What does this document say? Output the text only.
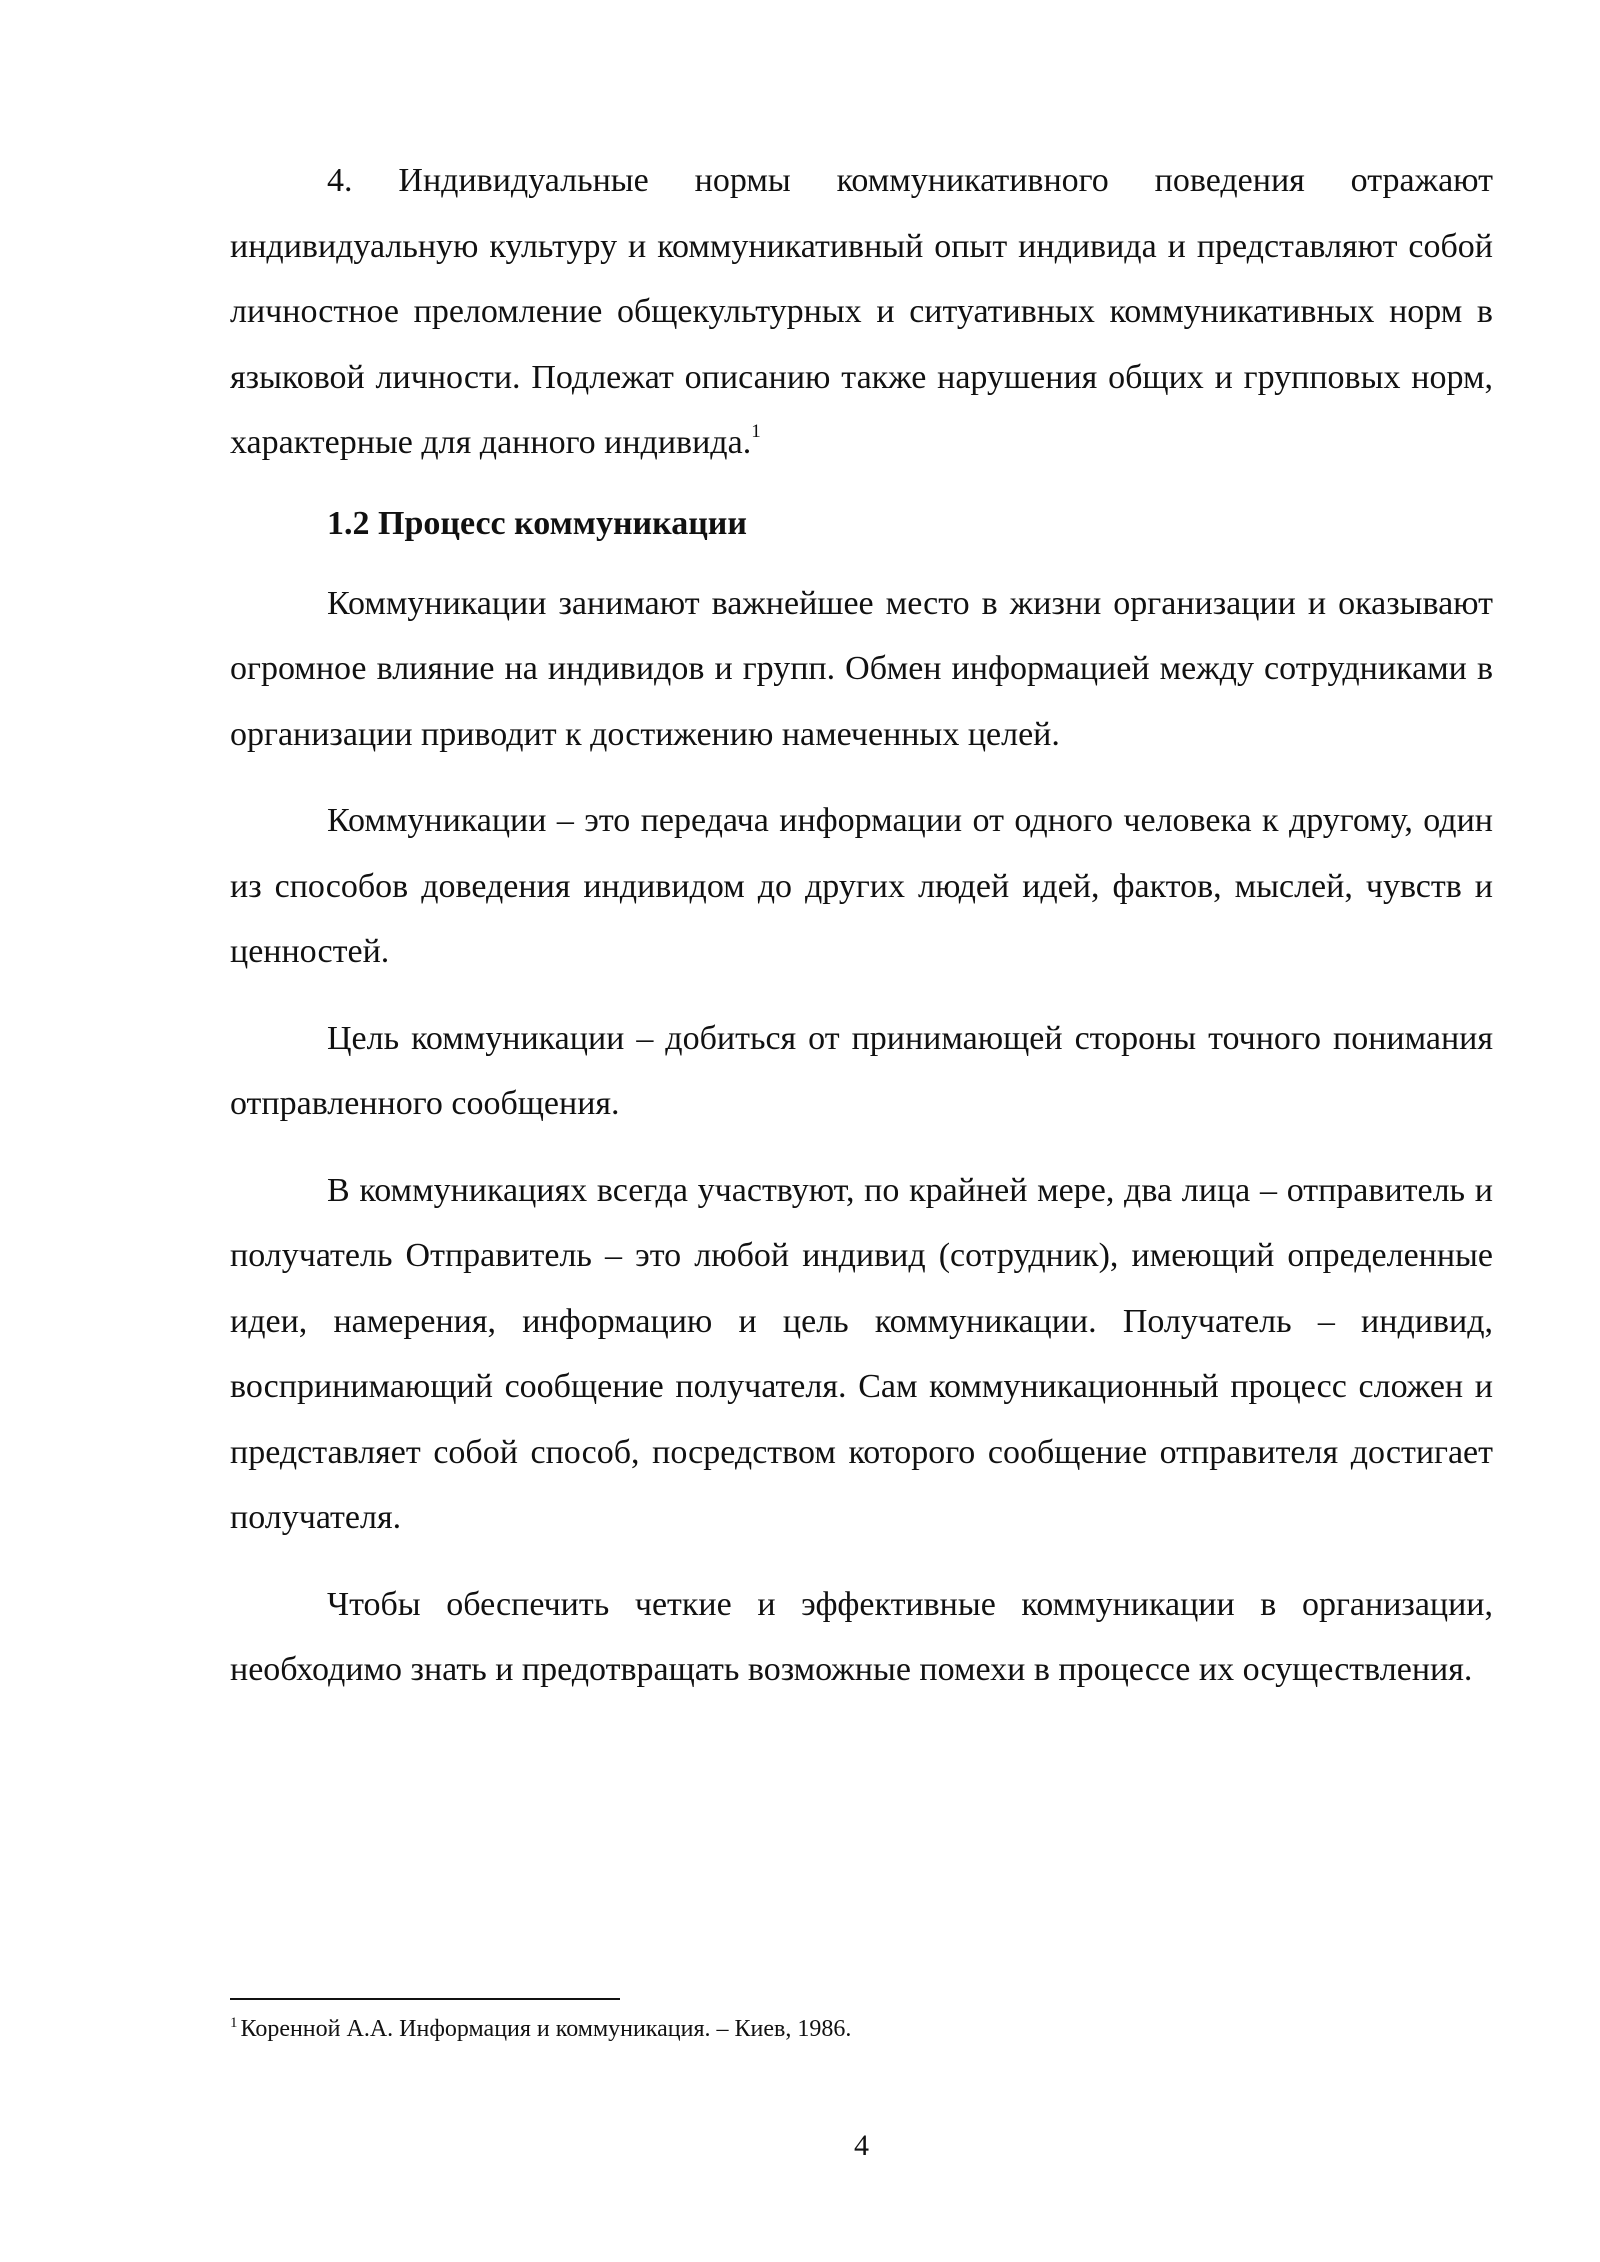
4. Индивидуальные нормы коммуникативного поведения отражают индивидуальную культуру и коммуникативный опыт индивида и представляют собой личностное преломление общекультурных и ситуативных коммуникативных норм в языковой личности. Подлежат описанию также нарушения общих и групповых норм, характерные для данного индивида.$^1$

1.2 Процесс коммуникации

Коммуникации занимают важнейшее место в жизни организации и оказывают огромное влияние на индивидов и групп. Обмен информацией между сотрудниками в организации приводит к достижению намеченных целей.

Коммуникации – это передача информации от одного человека к другому, один из способов доведения индивидом до других людей идей, фактов, мыслей, чувств и ценностей.

Цель коммуникации – добиться от принимающей стороны точного понимания отправленного сообщения.

В коммуникациях всегда участвуют, по крайней мере, два лица – отправитель и получатель Отправитель – это любой индивид (сотрудник), имеющий определенные идеи, намерения, информацию и цель коммуникации. Получатель – индивид, воспринимающий сообщение получателя. Сам коммуникационный процесс сложен и представляет собой способ, посредством которого сообщение отправителя достигает получателя.

Чтобы обеспечить четкие и эффективные коммуникации в организации, необходимо знать и предотвращать возможные помехи в процессе их осуществления.

$^1$ Коренной А.А. Информация и коммуникация. – Киев, 1986.
4
